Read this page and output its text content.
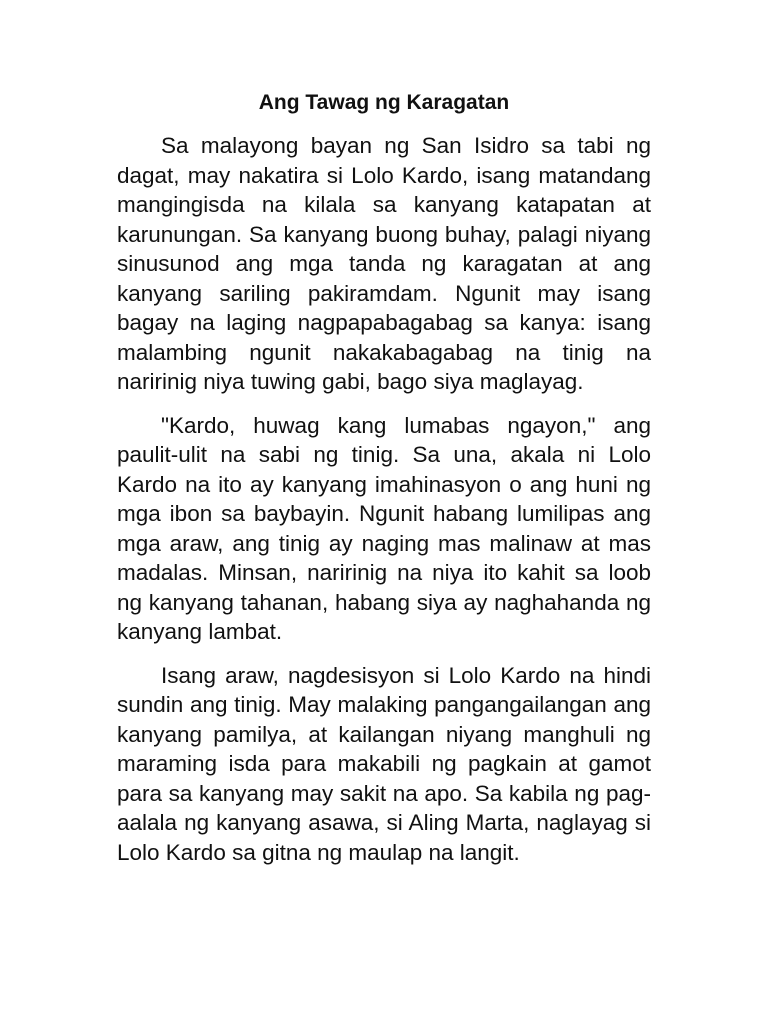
Ang Tawag ng Karagatan

Sa malayong bayan ng San Isidro sa tabi ng dagat, may nakatira si Lolo Kardo, isang matandang mangingisda na kilala sa kanyang katapatan at karunungan. Sa kanyang buong buhay, palagi niyang sinusunod ang mga tanda ng karagatan at ang kanyang sariling pakiramdam. Ngunit may isang bagay na laging nagpapabagabag sa kanya: isang malambing ngunit nakakabagabag na tinig na naririnig niya tuwing gabi, bago siya maglayag.

"Kardo, huwag kang lumabas ngayon," ang paulit-ulit na sabi ng tinig. Sa una, akala ni Lolo Kardo na ito ay kanyang imahinasyon o ang huni ng mga ibon sa baybayin. Ngunit habang lumilipas ang mga araw, ang tinig ay naging mas malinaw at mas madalas. Minsan, naririnig na niya ito kahit sa loob ng kanyang tahanan, habang siya ay naghahanda ng kanyang lambat.

Isang araw, nagdesisyon si Lolo Kardo na hindi sundin ang tinig. May malaking pangangailangan ang kanyang pamilya, at kailangan niyang manghuli ng maraming isda para makabili ng pagkain at gamot para sa kanyang may sakit na apo. Sa kabila ng pag-aalala ng kanyang asawa, si Aling Marta, naglayag si Lolo Kardo sa gitna ng maulap na langit.
